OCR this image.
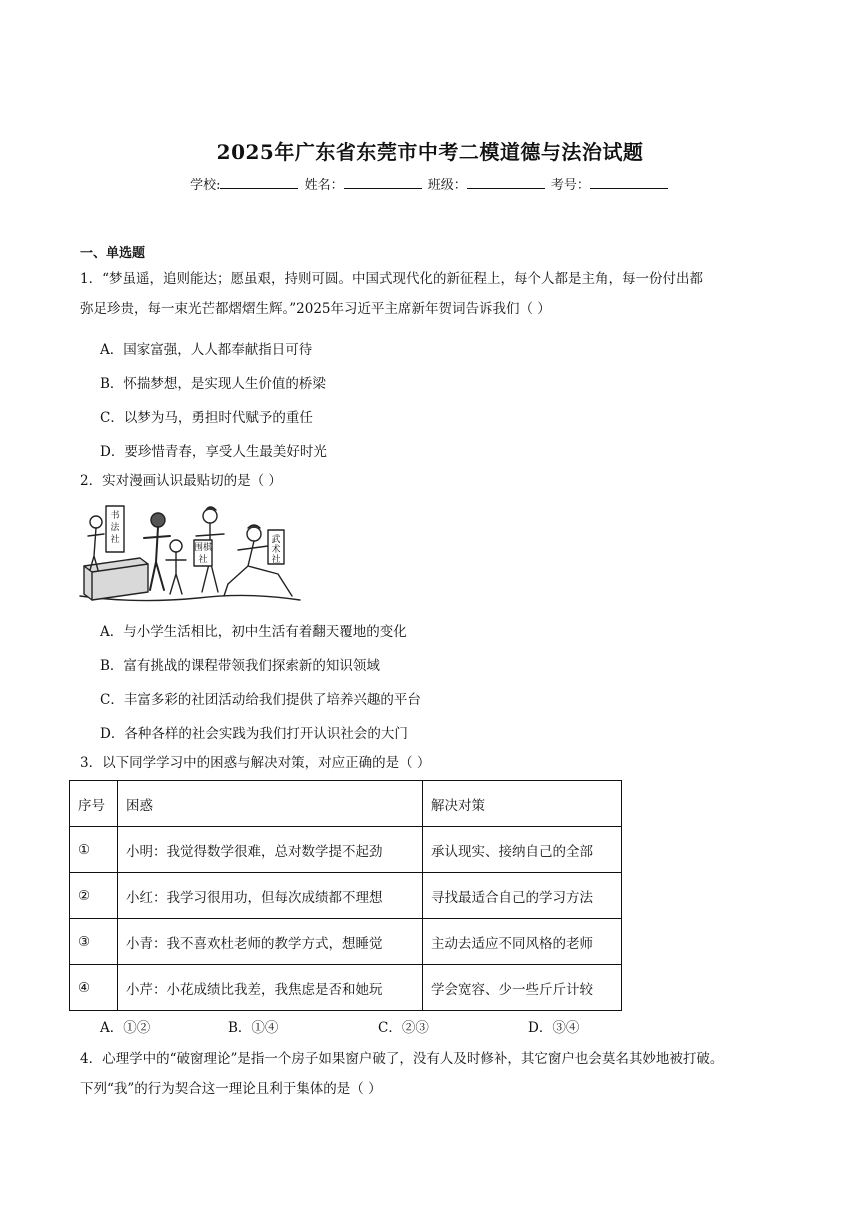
2025年广东省东莞市中考二模道德与法治试题
学校:	姓名：	班级：	考号：
一、单选题
1．“梦虽遥，追则能达；愿虽艰，持则可圆。中国式现代化的新征程上，每个人都是主角，每一份付出都
弥足珍贵，每一束光芒都熠熠生辉。”2025年习近平主席新年贺词告诉我们（ ）
A．国家富强，人人都奉献指日可待
B．怀揣梦想，是实现人生价值的桥梁
C．以梦为马，勇担时代赋予的重任
D．要珍惜青春，享受人生最美好时光
2．实对漫画认识最贴切的是（ ）
书法社
围棋社
武术社
A．与小学生活相比，初中生活有着翻天覆地的变化
B．富有挑战的课程带领我们探索新的知识领域
C．丰富多彩的社团活动给我们提供了培养兴趣的平台
D．各种各样的社会实践为我们打开认识社会的大门
3．以下同学学习中的困惑与解决对策，对应正确的是（ ）
序号	困惑	解决对策
①	小明：我觉得数学很难，总对数学提不起劲	承认现实、接纳自己的全部
②	小红：我学习很用功，但每次成绩都不理想	寻找最适合自己的学习方法
③	小青：我不喜欢杜老师的教学方式，想睡觉	主动去适应不同风格的老师
④	小芹：小花成绩比我差，我焦虑是否和她玩	学会宽容、少一些斤斤计较
A．①②	B．①④	C．②③	D．③④
4．心理学中的“破窗理论”是指一个房子如果窗户破了，没有人及时修补，其它窗户也会莫名其妙地被打破。
下列“我”的行为契合这一理论且利于集体的是（ ）
